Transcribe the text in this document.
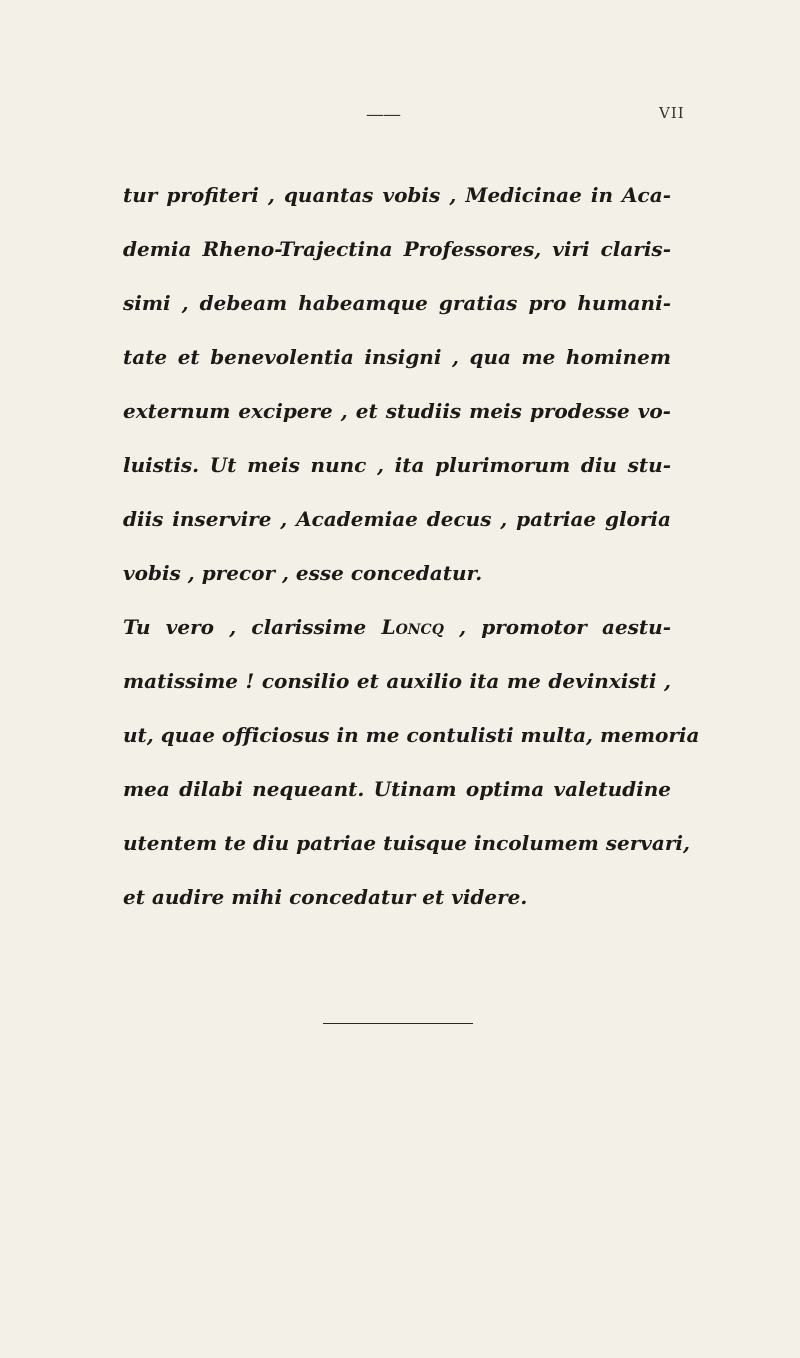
——	VII
tur profiteri , quantas vobis , Medicinae in Aca-
demia Rheno-Trajectina Professores, viri claris-
simi , debeam habeamque gratias pro humani-
tate et benevolentia insigni , qua me hominem
externum excipere , et studiis meis prodesse vo-
luistis. Ut meis nunc , ita plurimorum diu stu-
diis inservire , Academiae decus , patriae gloria
vobis , precor , esse concedatur.
Tu vero , clarissime Loncq , promotor aestu-
matissime ! consilio et auxilio ita me devinxisti ,
ut, quae officiosus in me contulisti multa, memoria
mea dilabi nequeant. Utinam optima valetudine
utentem te diu patriae tuisque incolumem servari,
et audire mihi concedatur et videre.
